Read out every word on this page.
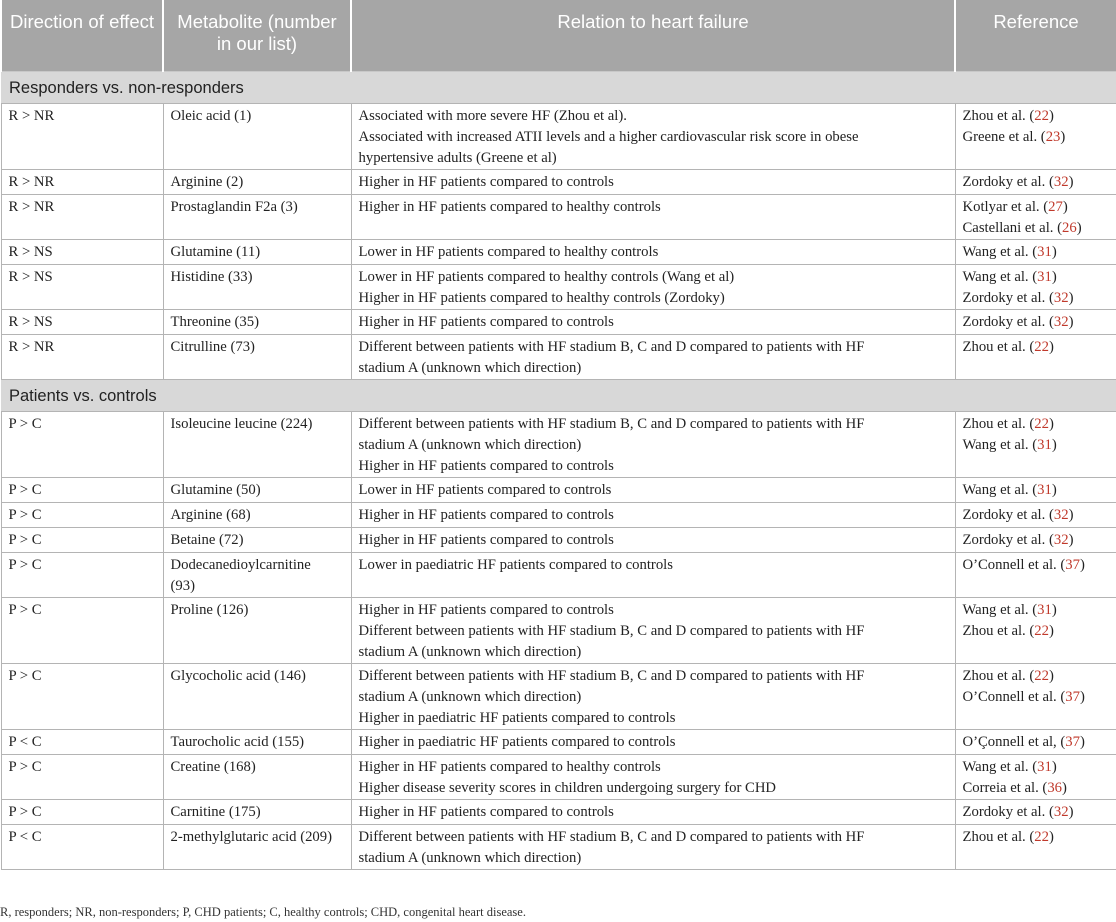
Direction of effect	Metabolite (number in our list)	Relation to heart failure	Reference
Responders vs. non-responders			
R > NR	Oleic acid (1)	Associated with more severe HF (Zhou et al).
Associated with increased ATII levels and a higher cardiovascular risk score in obese
hypertensive adults (Greene et al)	Zhou et al. (22)
Greene et al. (23)

R > NR	Arginine (2)	Higher in HF patients compared to controls	Zordoky et al. (32)

R > NR	Prostaglandin F2a (3)	Higher in HF patients compared to healthy controls	Kotlyar et al. (27)
Castellani et al. (26)

R > NS	Glutamine (11)	Lower in HF patients compared to healthy controls	Wang et al. (31)

R > NS	Histidine (33)	Lower in HF patients compared to healthy controls (Wang et al)
Higher in HF patients compared to healthy controls (Zordoky)	Wang et al. (31)
Zordoky et al. (32)

R > NS	Threonine (35)	Higher in HF patients compared to controls	Zordoky et al. (32)

R > NR	Citrulline (73)	Different between patients with HF stadium B, C and D compared to patients with HF
stadium A (unknown which direction)	Zhou et al. (22)

Patients vs. controls			
P > C	Isoleucine leucine (224)	Different between patients with HF stadium B, C and D compared to patients with HF
stadium A (unknown which direction)
Higher in HF patients compared to controls	Zhou et al. (22)
Wang et al. (31)

P > C	Glutamine (50)	Lower in HF patients compared to controls	Wang et al. (31)

P > C	Arginine (68)	Higher in HF patients compared to controls	Zordoky et al. (32)

P > C	Betaine (72)	Higher in HF patients compared to controls	Zordoky et al. (32)

P > C	Dodecanedioylcarnitine
(93)	Lower in paediatric HF patients compared to controls	O’Connell et al. (37)

P > C	Proline (126)	Higher in HF patients compared to controls
Different between patients with HF stadium B, C and D compared to patients with HF
stadium A (unknown which direction)	Wang et al. (31)
Zhou et al. (22)

P > C	Glycocholic acid (146)	Different between patients with HF stadium B, C and D compared to patients with HF
stadium A (unknown which direction)
Higher in paediatric HF patients compared to controls	Zhou et al. (22)
O’Connell et al. (37)

P < C	Taurocholic acid (155)	Higher in paediatric HF patients compared to controls	O’Çonnell et al, (37)

P > C	Creatine (168)	Higher in HF patients compared to healthy controls
Higher disease severity scores in children undergoing surgery for CHD	Wang et al. (31)
Correia et al. (36)

P > C	Carnitine (175)	Higher in HF patients compared to controls	Zordoky et al. (32)

P < C	2-methylglutaric acid (209)	Different between patients with HF stadium B, C and D compared to patients with HF
stadium A (unknown which direction)	Zhou et al. (22)
R, responders; NR, non-responders; P, CHD patients; C, healthy controls; CHD, congenital heart disease.
